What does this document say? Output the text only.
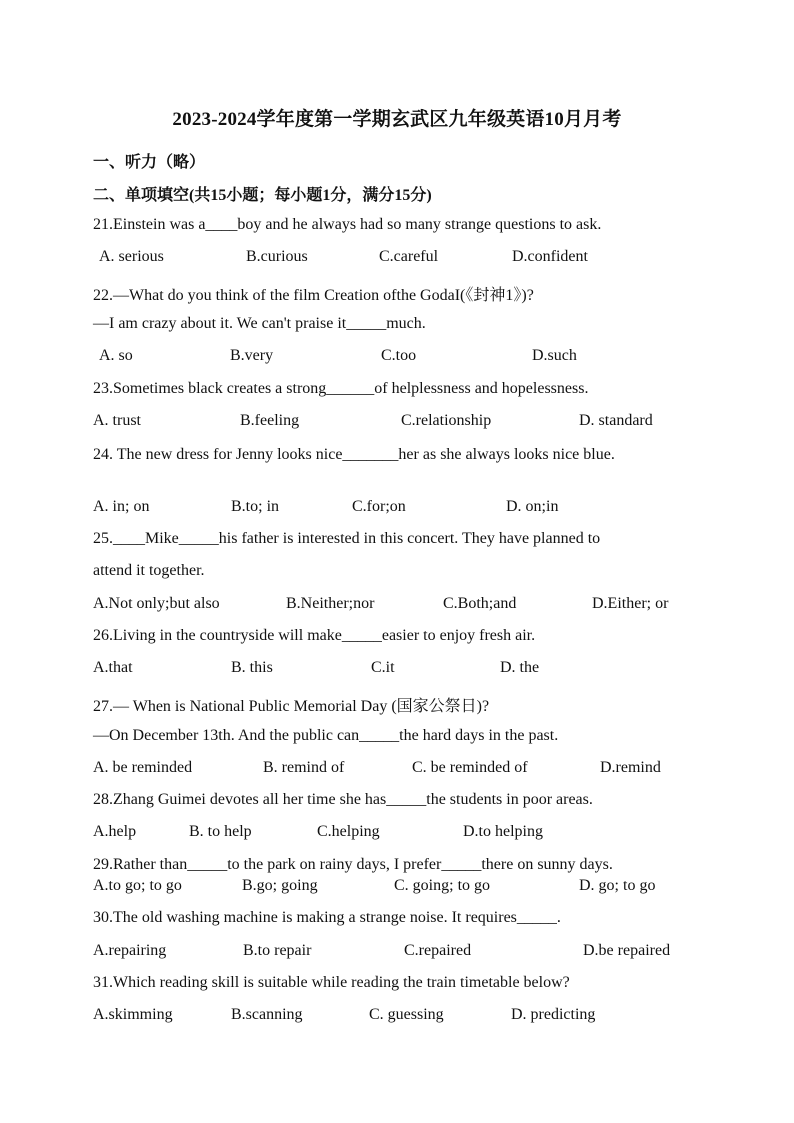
2023-2024学年度第一学期玄武区九年级英语10月月考
一、听力（略）
二、单项填空(共15小题；每小题1分，满分15分)
21.Einstein was a____boy and he always had so many strange questions to ask.
A. serious	B.curious	C.careful	D.confident
22.—What do you think of the film Creation ofthe GodaI(《封神1》)?
—I am crazy about it. We can't praise it_____much.
A. so	B.very	C.too	D.such
23.Sometimes black creates a strong______of helplessness and hopelessness.
A. trust	B.feeling	C.relationship	D. standard
24. The new dress for Jenny looks nice_______her as she always looks nice blue.
A. in; on	B.to; in	C.for;on	D. on;in
25.____Mike_____his father is interested in this concert. They have planned to
attend it together.
A.Not only;but also	B.Neither;nor	C.Both;and	D.Either; or
26.Living in the countryside will make_____easier to enjoy fresh air.
A.that	B. this	C.it	D. the
27.— When is National Public Memorial Day (国家公祭日)?
—On December 13th. And the public can_____the hard days in the past.
A. be reminded	B. remind of	C. be reminded of	D.remind
28.Zhang Guimei devotes all her time she has_____the students in poor areas.
A.help	B. to help	C.helping	D.to helping
29.Rather than_____to the park on rainy days, I prefer_____there on sunny days.
A.to go; to go	B.go; going	C. going; to go	D. go; to go
30.The old washing machine is making a strange noise. It requires_____.
A.repairing	B.to repair	C.repaired	D.be repaired
31.Which reading skill is suitable while reading the train timetable below?
A.skimming	B.scanning	C. guessing	D. predicting
